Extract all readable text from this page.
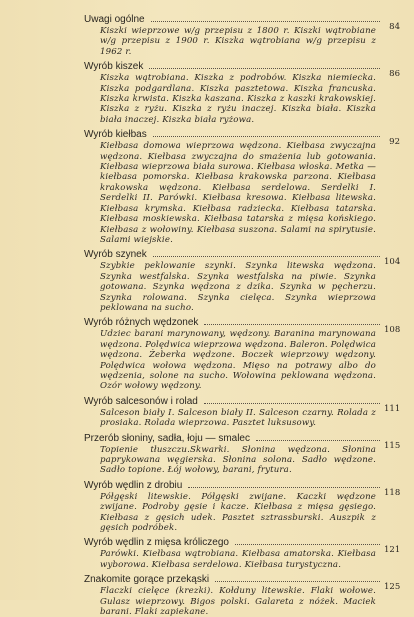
Uwagi ogólne
84

Kiszki wieprzowe w/g przepisu z 1800 r. Kiszki wątrobiane w/g przepisu z 1900 r. Kiszka wątrobiana w/g przepisu z 1962 r.

Wyrób kiszek
86

Kiszka wątrobiana. Kiszka z podrobów. Kiszka niemiecka. Kiszka podgardlana. Kiszka pasztetowa. Kiszka francuska. Kiszka krwista. Kiszka kaszana. Kiszka z kaszki krakowskiej. Kiszka z ryżu. Kiszka z ryżu inaczej. Kiszka biała. Kiszka biała inaczej. Kiszka biała ryżowa.

Wyrób kiełbas
92

Kiełbasa domowa wieprzowa wędzona. Kiełbasa zwyczajna wędzona. Kiełbasa zwyczajna do smażenia lub gotowania. Kiełbasa wieprzowa biała surowa. Kiełbasa włoska. Metka — kiełbasa pomorska. Kiełbasa krakowska parzona. Kiełbasa krakowska wędzona. Kiełbasa serdelowa. Serdelki I. Serdelki II. Parówki. Kiełbasa kresowa. Kiełbasa litewska. Kiełbasa krymska. Kiełbasa radziecka. Kiełbasa tatarska. Kiełbasa moskiewska. Kiełbasa tatarska z mięsa końskiego. Kiełbasa z wołowiny. Kiełbasa suszona. Salami na spirytusie. Salami wiejskie.

Wyrób szynek
104

Szybkie peklowanie szynki. Szynka litewska wędzona. Szynka westfalska. Szynka westfalska na piwie. Szynka gotowana. Szynka wędzona z dzika. Szynka w pęcherzu. Szynka rolowana. Szynka cielęca. Szynka wieprzowa peklowana na sucho.

Wyrób różnych wędzonek
108

Udziec barani marynowany, wędzony. Baranina marynowana wędzona. Polędwica wieprzowa wędzona. Baleron. Polędwica wędzona. Żeberka wędzone. Boczek wieprzowy wędzony. Polędwica wołowa wędzona. Mięso na potrawy albo do wędzenia, solone na sucho. Wołowina peklowana wędzona. Ozór wołowy wędzony.

Wyrób salcesonów i rolad
111

Salceson biały I. Salceson biały II. Salceson czarny. Rolada z prosiaka. Rolada wieprzowa. Pasztet luksusowy.

Przerób słoniny, sadła, łoju — smalec
115

Topienie tłuszczu.Skwarki. Słonina wędzona. Słonina paprykowana węgierska. Słonina solona. Sadło wędzone. Sadło topione. Łój wołowy, barani, frytura.

Wyrób wędlin z drobiu
118

Półgęski litewskie. Półgęski zwijane. Kaczki wędzone zwijane. Podroby gęsie i kacze. Kiełbasa z mięsa gęsiego. Kiełbasa z gęsich udek. Pasztet sztrassburski. Auszpik z gęsich podróbek.

Wyrób wędlin z mięsa króliczego
121

Parówki. Kiełbasa wątrobiana. Kiełbasa amatorska. Kiełbasa wyborowa. Kiełbasa serdelowa. Kiełbasa turystyczna.

Znakomite gorące przekąski
125

Flaczki cielęce (krezki). Kołduny litewskie. Flaki wołowe. Gulasz wieprzowy. Bigos polski. Galareta z nóżek. Maciek barani. Flaki zapiekane.
